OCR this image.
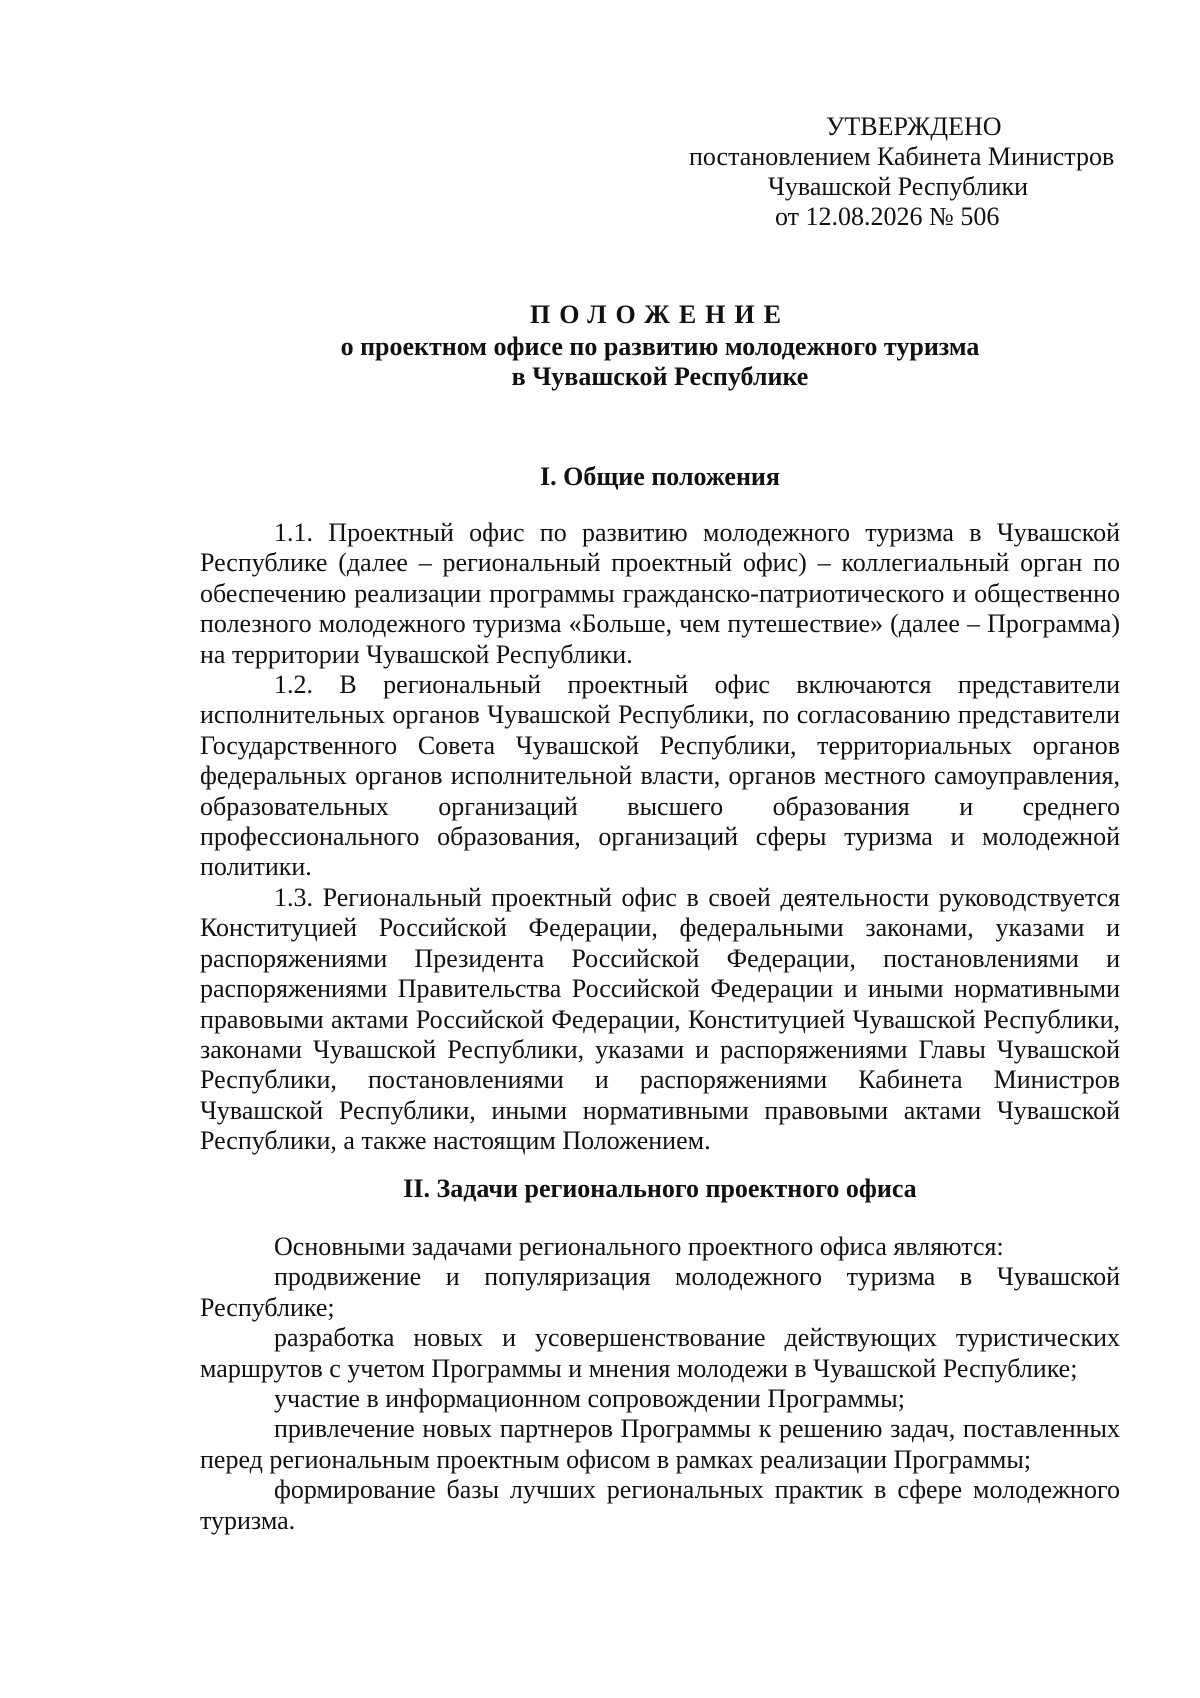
УТВЕРЖДЕНО
постановлением Кабинета Министров
Чувашской Республики
от 12.08.2026 № 506
ПОЛОЖЕНИЕ
о проектном офисе по развитию молодежного туризма
в Чувашской Республике
I. Общие положения

1.1. Проектный офис по развитию молодежного туризма в Чувашской Республике (далее – региональный проектный офис) – коллегиальный орган по обеспечению реализации программы гражданско-патриотического и общественно полезного молодежного туризма «Больше, чем путешествие» (далее – Программа) на территории Чувашской Республики.

1.2. В региональный проектный офис включаются представители исполнительных органов Чувашской Республики, по согласованию представители Государственного Совета Чувашской Республики, территориальных органов федеральных органов исполнительной власти, органов местного самоуправления, образовательных организаций высшего образования и среднего профессионального образования, организаций сферы туризма и молодежной политики.

1.3. Региональный проектный офис в своей деятельности руководствуется Конституцией Российской Федерации, федеральными законами, указами и распоряжениями Президента Российской Федерации, постановлениями и распоряжениями Правительства Российской Федерации и иными нормативными правовыми актами Российской Федерации, Конституцией Чувашской Республики, законами Чувашской Республики, указами и распоряжениями Главы Чувашской Республики, постановлениями и распоряжениями Кабинета Министров Чувашской Республики, иными нормативными правовыми актами Чувашской Республики, а также настоящим Положением.

II. Задачи регионального проектного офиса

Основными задачами регионального проектного офиса являются:

продвижение и популяризация молодежного туризма в Чувашской Республике;

разработка новых и усовершенствование действующих туристических маршрутов с учетом Программы и мнения молодежи в Чувашской Республике;

участие в информационном сопровождении Программы;

привлечение новых партнеров Программы к решению задач, поставленных перед региональным проектным офисом в рамках реализации Программы;

формирование базы лучших региональных практик в сфере молодежного туризма.
